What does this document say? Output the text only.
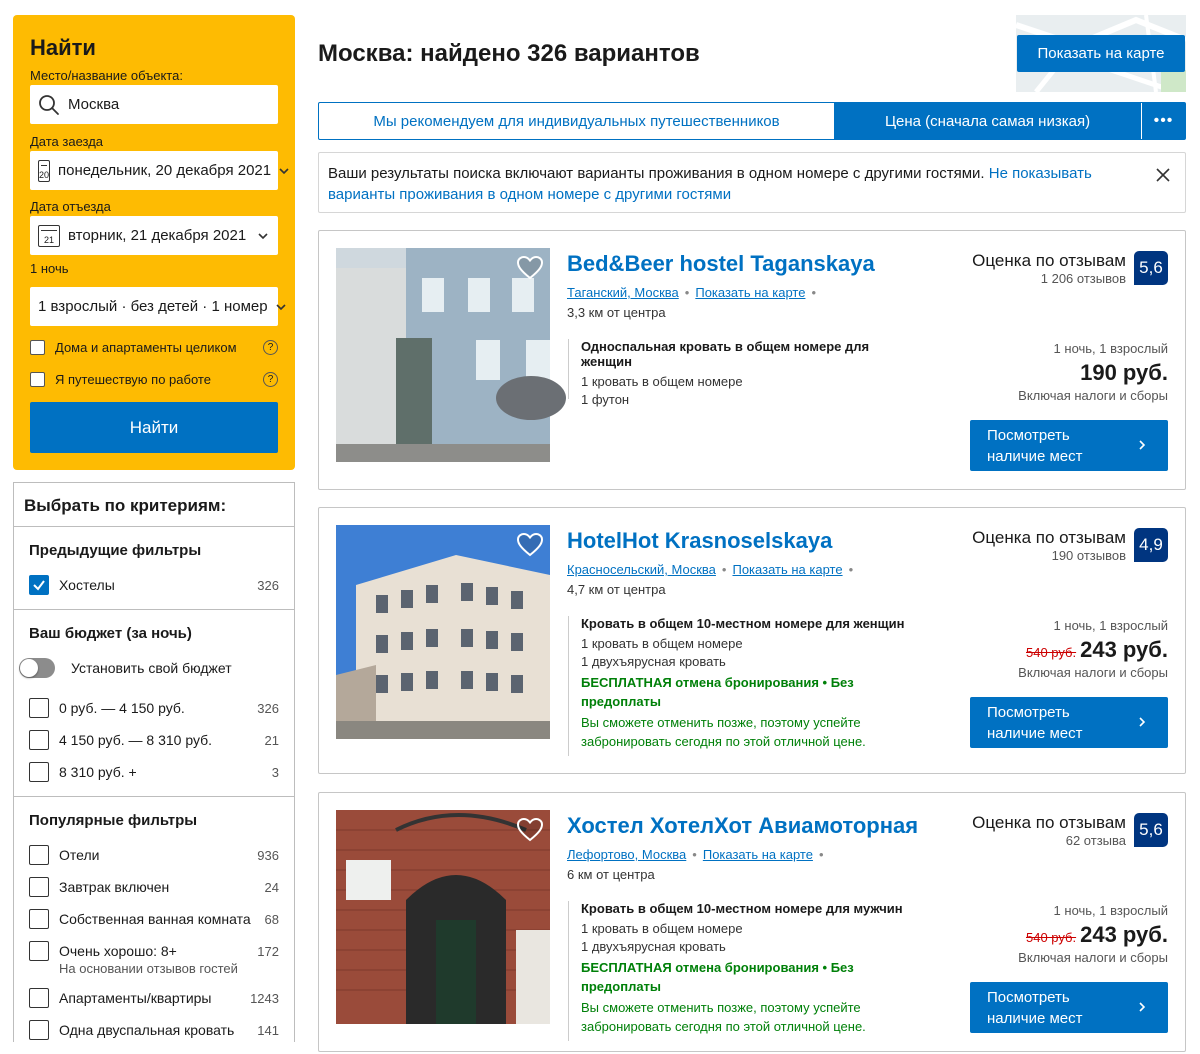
Найти
Место/название объекта:
Москва
Дата заезда
20 понедельник, 20 декабря 2021
Дата отъезда
21 вторник, 21 декабря 2021
1 ночь
1 взрослый · без детей · 1 номер
Дома и апартаменты целиком	?
Я путешествую по работе	?
Найти
Выбрать по критериям:
Предыдущие фильтры
Хостелы	326
Ваш бюджет (за ночь)
Установить свой бюджет
0 руб. — 4 150 руб.	326
4 150 руб. — 8 310 руб.	21
8 310 руб. +	3
Популярные фильтры
Отели	936
Завтрак включен	24
Собственная ванная комната	68
Очень хорошо: 8+	172
На основании отзывов гостей
Апартаменты/квартиры	1243
Одна двуспальная кровать	141
Москва: найдено 326 вариантов	Показать на карте
Мы рекомендуем для индивидуальных путешественников	Цена (сначала самая низкая)	•••
Ваши результаты поиска включают варианты проживания в одном номере с другими гостями. Не показывать варианты проживания в одном номере с другими гостями
Bed&Beer hostel Taganskaya
Таганский, Москва • Показать на карте •
3,3 км от центра
Односпальная кровать в общем номере для женщин
1 кровать в общем номере
1 футон
Оценка по отзывам
1 206 отзывов
5,6
1 ночь, 1 взрослый
190 руб.
Включая налоги и сборы
Посмотреть наличие мест
HotelHot Krasnoselskaya
Красносельский, Москва • Показать на карте •
4,7 км от центра
Кровать в общем 10-местном номере для женщин
1 кровать в общем номере
1 двухъярусная кровать
БЕСПЛАТНАЯ отмена бронирования • Без предоплаты
Вы сможете отменить позже, поэтому успейте забронировать сегодня по этой отличной цене.
Оценка по отзывам
190 отзывов
4,9
1 ночь, 1 взрослый
540 руб. 243 руб.
Включая налоги и сборы
Посмотреть наличие мест
Хостел ХотелХот Авиамоторная
Лефортово, Москва • Показать на карте •
6 км от центра
Кровать в общем 10-местном номере для мужчин
1 кровать в общем номере
1 двухъярусная кровать
БЕСПЛАТНАЯ отмена бронирования • Без предоплаты
Вы сможете отменить позже, поэтому успейте забронировать сегодня по этой отличной цене.
Оценка по отзывам
62 отзыва
5,6
1 ночь, 1 взрослый
540 руб. 243 руб.
Включая налоги и сборы
Посмотреть наличие мест
